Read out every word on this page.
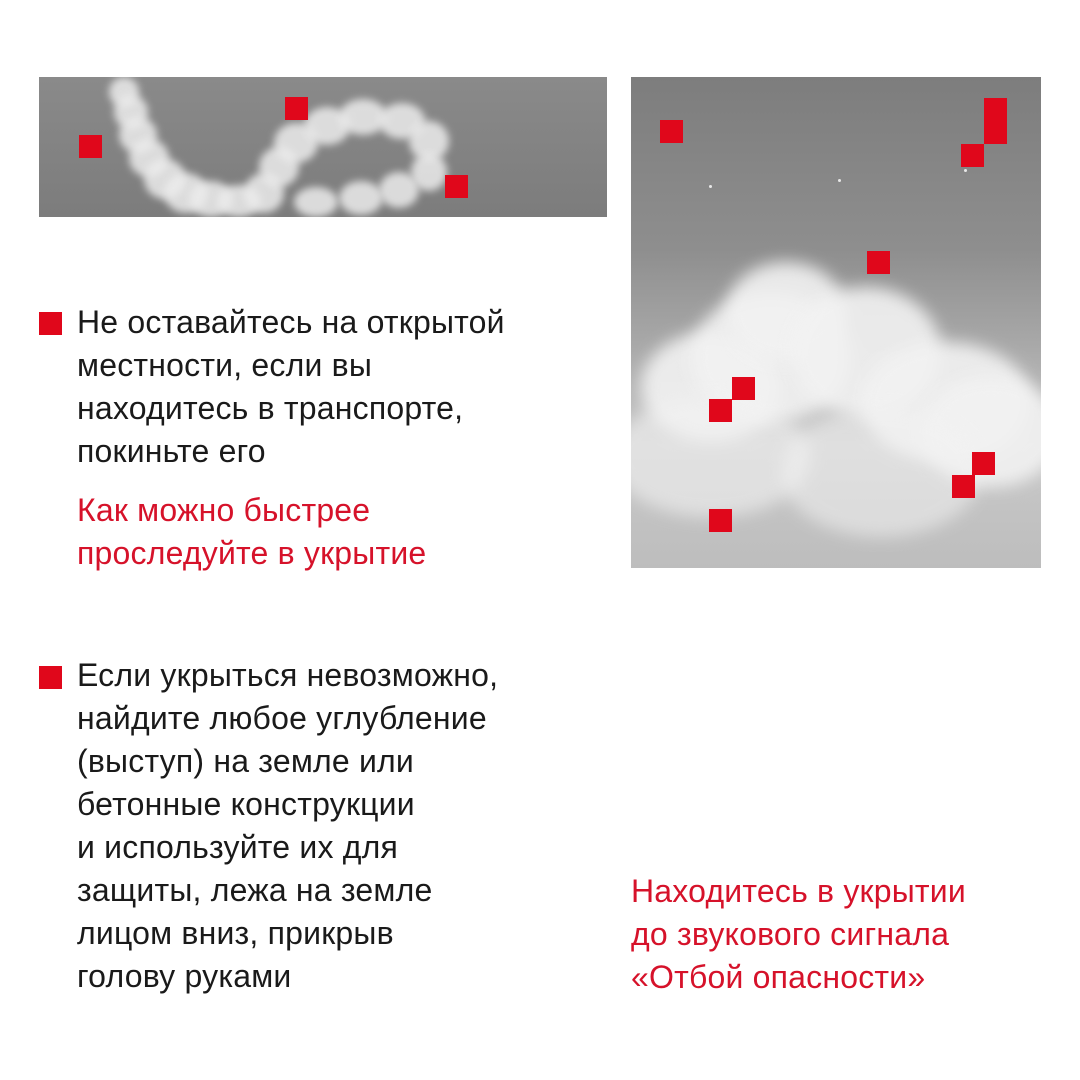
Не оставайтесь на открытой
местности, если вы
находитесь в транспорте,
покиньте его
Как можно быстрее
проследуйте в укрытие
Если укрыться невозможно,
найдите любое углубление
(выступ) на земле или
бетонные конструкции
и используйте их для
защиты, лежа на земле
лицом вниз, прикрыв
голову руками
Находитесь в укрытии
до звукового сигнала
«Отбой опасности»
